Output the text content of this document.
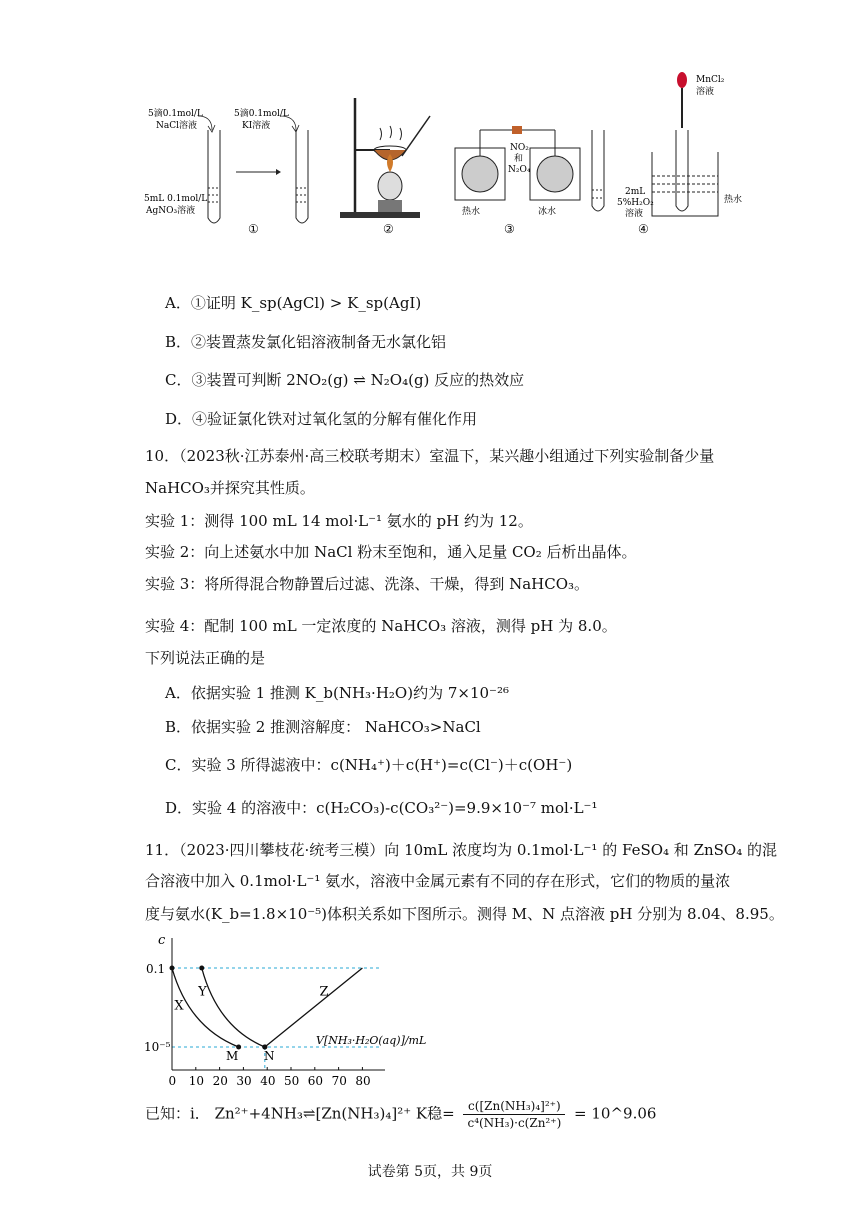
5滴0.1mol/L
NaCl溶液
5mL 0.1mol/L
AgNO₃溶液
5滴0.1mol/L
KI溶液
①	②
NO₂
和
N₂O₄
热水	冰水
③
2mL
5%H₂O₂
溶液
MnCl₂
溶液
热水
④
A．①证明 K_sp(AgCl) > K_sp(AgI)
B．②装置蒸发氯化铝溶液制备无水氯化铝
C．③装置可判断 2NO₂(g) ⇌ N₂O₄(g) 反应的热效应
D．④验证氯化铁对过氧化氢的分解有催化作用
10．（2023秋·江苏泰州·高三校联考期末）室温下，某兴趣小组通过下列实验制备少量
NaHCO₃并探究其性质。
实验 1：测得 100 mL 14 mol·L⁻¹ 氨水的 pH 约为 12。
实验 2：向上述氨水中加 NaCl 粉末至饱和，通入足量 CO₂ 后析出晶体。
实验 3：将所得混合物静置后过滤、洗涤、干燥，得到 NaHCO₃。
实验 4：配制 100 mL 一定浓度的 NaHCO₃ 溶液，测得 pH 为 8.0。
下列说法正确的是
A．依据实验 1 推测 K_b(NH₃·H₂O)约为 7×10⁻²⁶
B．依据实验 2 推测溶解度： NaHCO₃>NaCl
C．实验 3 所得滤液中：c(NH₄⁺)＋c(H⁺)=c(Cl⁻)＋c(OH⁻)
D．实验 4 的溶液中：c(H₂CO₃)-c(CO₃²⁻)=9.9×10⁻⁷ mol·L⁻¹
11．（2023·四川攀枝花·统考三模）向 10mL 浓度均为 0.1mol·L⁻¹ 的 FeSO₄ 和 ZnSO₄ 的混
合溶液中加入 0.1mol·L⁻¹ 氨水，溶液中金属元素有不同的存在形式，它们的物质的量浓
度与氨水(K_b=1.8×10⁻⁵)体积关系如下图所示。测得 M、N 点溶液 pH 分别为 8.04、8.95。
c
0.1
10⁻⁵
0 10 20 30 40 50 60 70 80
X
Y	Z
V[NH₃·H₂O(aq)]/mL
M N
已知：i． Zn²⁺+4NH₃⇌[Zn(NH₃)₄]²⁺ K稳= $\frac{\text{c([Zn(NH₃)₄]²⁺)}}{\text{c⁴(NH₃)·c(Zn²⁺)}}$ = 10^9.06
试卷第 5页，共 9页
